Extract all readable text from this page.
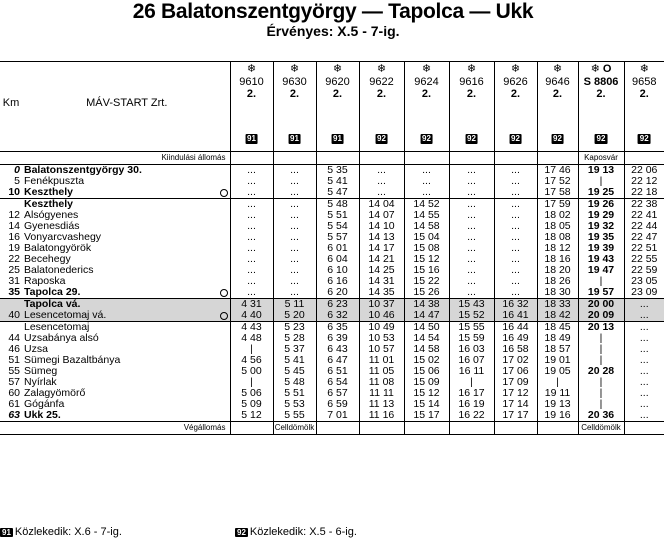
26 Balatonszentgyörgy — Tapolca — Ukk
Érvényes: X.5 - 7-ig.
Km	MÁV-START Zrt.	❄
9610
2.
91	❄
9630
2.
91	❄
9620
2.
91	❄
9622
2.
92	❄
9624
2.
92	❄
9616
2.
92	❄
9626
2.
92	❄
9646
2.
92	❄ O
S 8806
2.
92	❄
9658
2.
92

	Kiindulási állomás									Kaposvár	
0	Balatonszentgyörgy 30.	...	...	5 35	...	...	...	...	17 46	19 13	22 06
5	Fenékpuszta	...	...	5 41	...	...	...	...	17 52	|	22 12
10	Keszthely	...	...	5 47	...	...	...	...	17 58	19 25	22 18

	Keszthely	...	...	5 48	14 04	14 52	...	...	17 59	19 26	22 38
12	Alsógyenes	...	...	5 51	14 07	14 55	...	...	18 02	19 29	22 41
14	Gyenesdiás	...	...	5 54	14 10	14 58	...	...	18 05	19 32	22 44
16	Vonyarcvashegy	...	...	5 57	14 13	15 04	...	...	18 08	19 35	22 47
19	Balatongyörök	...	...	6 01	14 17	15 08	...	...	18 12	19 39	22 51
22	Becehegy	...	...	6 04	14 21	15 12	...	...	18 16	19 43	22 55
25	Balatonederics	...	...	6 10	14 25	15 16	...	...	18 20	19 47	22 59
31	Raposka	...	...	6 16	14 31	15 22	...	...	18 26	|	23 05
35	Tapolca 29.	...	...	6 20	14 35	15 26	...	...	18 30	19 57	23 09

	Tapolca vá.	4 31	5 11	6 23	10 37	14 38	15 43	16 32	18 33	20 00	...
40	Lesencetomaj vá.	4 40	5 20	6 32	10 46	14 47	15 52	16 41	18 42	20 09	...

	Lesencetomaj	4 43	5 23	6 35	10 49	14 50	15 55	16 44	18 45	20 13	...
44	Uzsabánya alsó	4 48	5 28	6 39	10 53	14 54	15 59	16 49	18 49	|	...
46	Uzsa	|	5 37	6 43	10 57	14 58	16 03	16 58	18 57	|	...
51	Sümegi Bazaltbánya	4 56	5 41	6 47	11 01	15 02	16 07	17 02	19 01	|	...
55	Sümeg	5 00	5 45	6 51	11 05	15 06	16 11	17 06	19 05	20 28	...
57	Nyírlak	|	5 48	6 54	11 08	15 09	|	17 09	|	|	...
60	Zalagyömörő	5 06	5 51	6 57	11 11	15 12	16 17	17 12	19 11	|	...
61	Gógánfa	5 09	5 53	6 59	11 13	15 14	16 19	17 14	19 13	|	...
63	Ukk 25.	5 12	5 55	7 01	11 16	15 17	16 22	17 17	19 16	20 36	...
	Végállomás		Celldömölk							Celldömölk	
91 Közlekedik: X.6 - 7-ig.	92 Közlekedik: X.5 - 6-ig.
